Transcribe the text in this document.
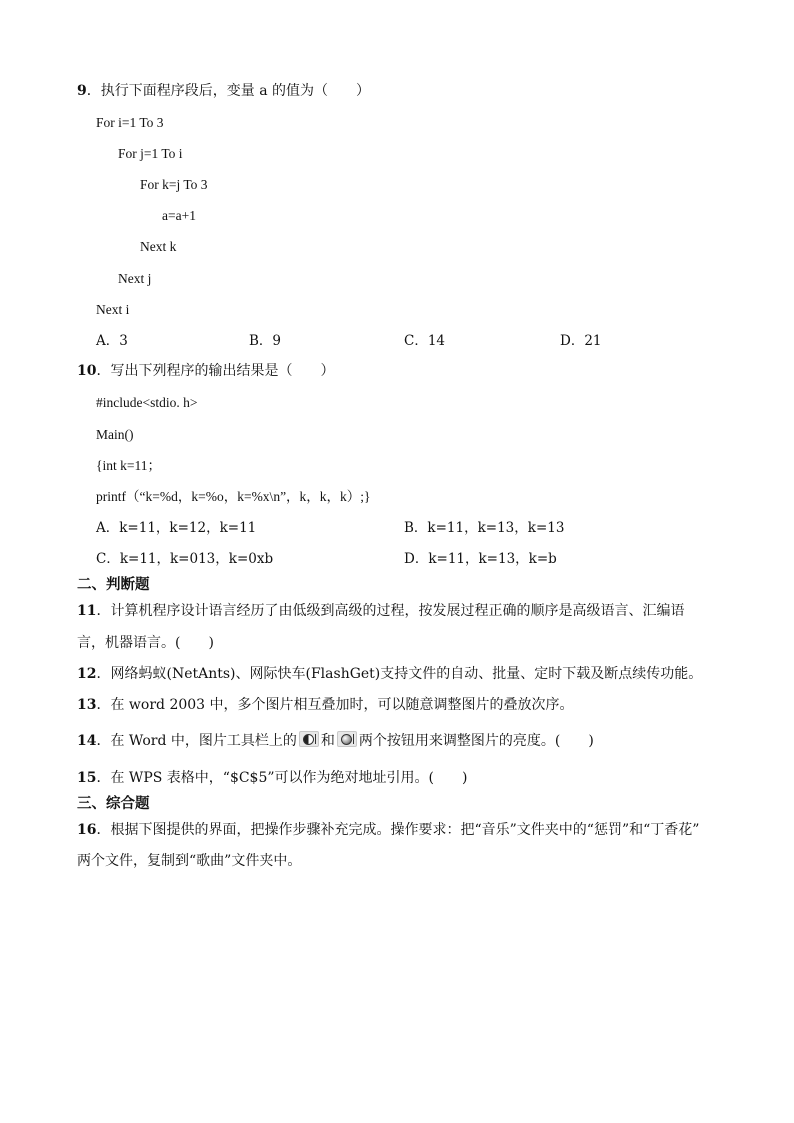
9．执行下面程序段后，变量 a 的值为（　　）
For i=1 To 3
For j=1 To i
For k=j To 3
a=a+1
Next k
Next j
Next i
A．3	B．9	C．14	D．21
10．写出下列程序的输出结果是（　　）
#include<stdio. h>
Main()
{int k=11；
printf（“k=%d，k=%o，k=%x\n”，k，k，k）;}
A．k=11，k=12，k=11	B．k=11，k=13，k=13
C．k=11，k=013，k=0xb	D．k=11，k=13，k=b
二、判断题
11．计算机程序设计语言经历了由低级到高级的过程，按发展过程正确的顺序是高级语言、汇编语
言，机器语言。(　　)
12．网络蚂蚁(NetAnts)、网际快车(FlashGet)支持文件的自动、批量、定时下载及断点续传功能。
13．在 word 2003 中，多个图片相互叠加时，可以随意调整图片的叠放次序。
14．在 Word 中，图片工具栏上的 和 两个按钮用来调整图片的亮度。(　　)
15．在 WPS 表格中，“$C$5”可以作为绝对地址引用。(　　)
三、综合题
16．根据下图提供的界面，把操作步骤补充完成。操作要求：把“音乐”文件夹中的“惩罚”和“丁香花”
两个文件，复制到“歌曲”文件夹中。
